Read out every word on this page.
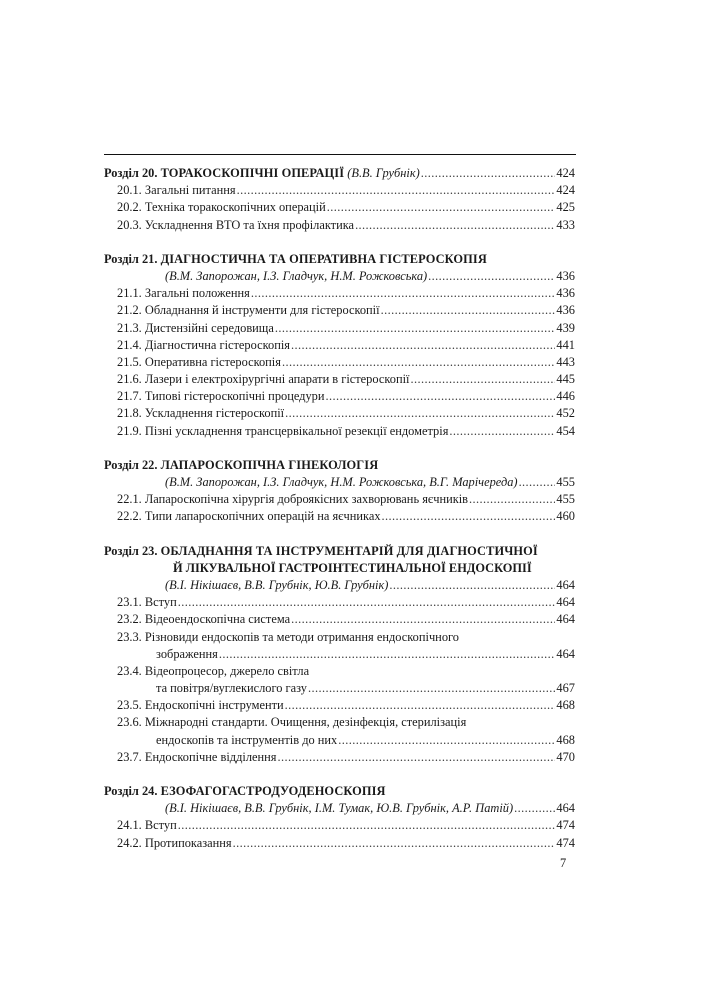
Розділ 20. ТОРАКОСКОПІЧНІ ОПЕРАЦІЇ (В.В. Грубнік) .....	424
20.1. Загальні питання .....	424
20.2. Техніка торакоскопічних операцій .....	425
20.3. Ускладнення ВТО та їхня профілактика .....	433
Розділ 21. ДІАГНОСТИЧНА ТА ОПЕРАТИВНА ГІСТЕРОСКОПІЯ
(В.М. Запорожан, І.З. Гладчук, Н.М. Рожковська) .....	436
21.1. Загальні положення .....	436
21.2. Обладнання й інструменти для гістероскопії .....	436
21.3. Дистензійні середовища .....	439
21.4. Діагностична гістероскопія .....	441
21.5. Оперативна гістероскопія .....	443
21.6. Лазери і електрохірургічні апарати в гістероскопії .....	445
21.7. Типові гістероскопічні процедури .....	446
21.8. Ускладнення гістероскопії .....	452
21.9. Пізні ускладнення трансцервікальної резекції ендометрія .....	454
Розділ 22. ЛАПАРОСКОПІЧНА ГІНЕКОЛОГІЯ
(В.М. Запорожан, І.З. Гладчук, Н.М. Рожковська, В.Г. Марічереда) .....	455
22.1. Лапароскопічна хірургія доброякісних захворювань яєчників .....	455
22.2. Типи лапароскопічних операцій на яєчниках .....	460
Розділ 23. ОБЛАДНАННЯ ТА ІНСТРУМЕНТАРІЙ ДЛЯ ДІАГНОСТИЧНОЇ
Й ЛІКУВАЛЬНОЇ ГАСТРОІНТЕСТИНАЛЬНОЇ ЕНДОСКОПІЇ
(В.І. Нікішаєв, В.В. Грубнік, Ю.В. Грубнік) .....	464
23.1. Вступ .....	464
23.2. Відеоендоскопічна система .....	464
23.3. Різновиди ендоскопів та методи отримання ендоскопічного
зображення .....	464
23.4. Відеопроцесор, джерело світла
та повітря/вуглекислого газу .....	467
23.5. Ендоскопічні інструменти .....	468
23.6. Міжнародні стандарти. Очищення, дезінфекція, стерилізація
ендоскопів та інструментів до них .....	468
23.7. Ендоскопічне відділення .....	470
Розділ 24. ЕЗОФАГОГАСТРОДУОДЕНОСКОПІЯ
(В.І. Нікішаєв, В.В. Грубнік, І.М. Тумак, Ю.В. Грубнік, А.Р. Патій) .....	464
24.1. Вступ .....	474
24.2. Протипоказання .....	474
7
